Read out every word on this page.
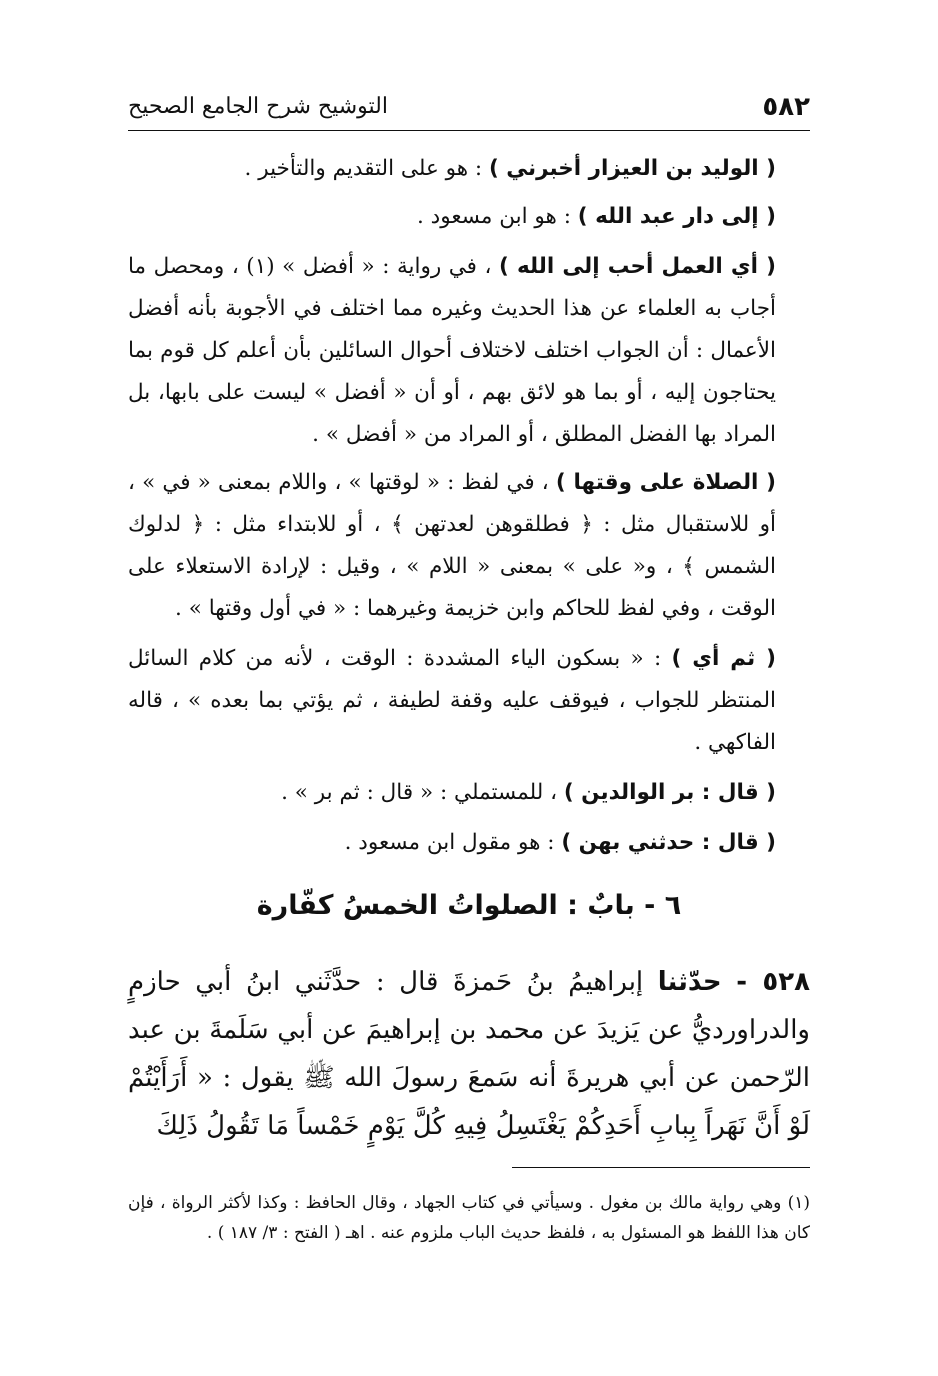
٥٨٢
التوشيح شرح الجامع الصحيح

( الوليد بن العيزار أخبرني ) : هو على التقديم والتأخير .

( إلى دار عبد الله ) : هو ابن مسعود .

( أي العمل أحب إلى الله ) ، في رواية : « أفضل » (١) ، ومحصل ما أجاب به العلماء عن هذا الحديث وغيره مما اختلف في الأجوبة بأنه أفضل الأعمال : أن الجواب اختلف لاختلاف أحوال السائلين بأن أعلم كل قوم بما يحتاجون إليه ، أو بما هو لائق بهم ، أو أن « أفضل » ليست على بابها، بل المراد بها الفضل المطلق ، أو المراد من « أفضل » .

( الصلاة على وقتها ) ، في لفظ : « لوقتها » ، واللام بمعنى « في » ، أو للاستقبال مثل : ﴿ فطلقوهن لعدتهن ﴾ ، أو للابتداء مثل : ﴿ لدلوك الشمس ﴾ ، و« على » بمعنى « اللام » ، وقيل : لإرادة الاستعلاء على الوقت ، وفي لفظ للحاكم وابن خزيمة وغيرهما : « في أول وقتها » .

( ثم أي ) : « بسكون الياء المشددة : الوقت ، لأنه من كلام السائل المنتظر للجواب ، فيوقف عليه وقفة لطيفة ، ثم يؤتي بما بعده » ، قاله الفاكهي .

( قال : بر الوالدين ) ، للمستملي : « قال : ثم بر » .

( قال : حدثني بهن ) : هو مقول ابن مسعود .

٦ - بابٌ : الصلواتُ الخمسُ كفّارة

٥٢٨ - حدّثنا إبراهيمُ بنُ حَمزةَ قال : حدَّثَني ابنُ أبي حازمٍ والدراورديُّ عن يَزيدَ عن محمد بن إبراهيمَ عن أبي سَلَمةَ بن عبد الرّحمن عن أبي هريرةَ أنه سَمعَ رسولَ الله ﷺ يقول : « أَرَأَيْتُمْ لَوْ أَنَّ نَهَراً بِبابِ أَحَدِكُمْ يَغْتَسِلُ فِيهِ كُلَّ يَوْمٍ خَمْساً مَا تَقُولُ ذَلِكَ

(١) وهي رواية مالك بن مغول . وسيأتي في كتاب الجهاد ، وقال الحافظ : وكذا لأكثر الرواة ، فإن كان هذا اللفظ هو المسئول به ، فلفظ حديث الباب ملزوم عنه . اهـ ( الفتح : ٣/ ١٨٧ ) .
